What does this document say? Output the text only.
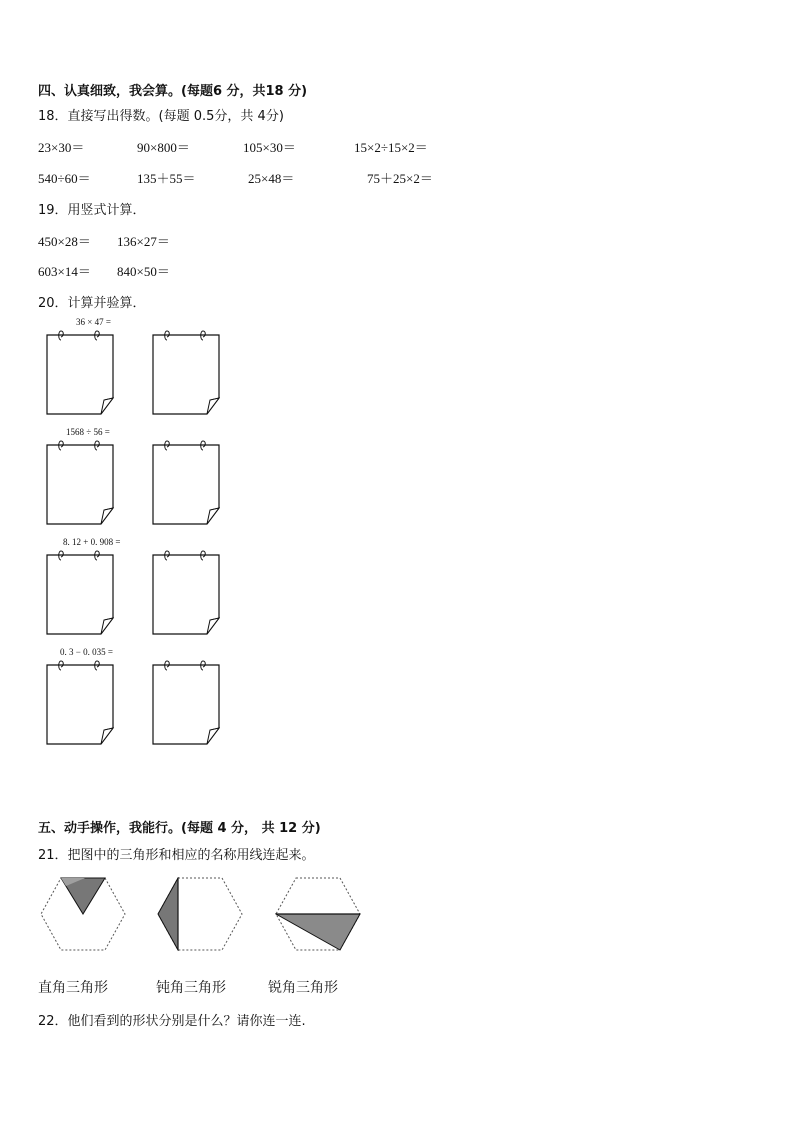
四、认真细致，我会算。(每题6 分，共18 分)
18．直接写出得数。(每题 0.5分，共 4分)
23×30＝	90×800＝	105×30＝	15×2÷15×2＝
540÷60＝	135＋55＝	25×48＝	75＋25×2＝
19．用竖式计算．
450×28＝ 136×27＝
603×14＝ 840×50＝
20．计算并验算．
36 × 47 =
1568 ÷ 56 =
8. 12 + 0. 908 =
0. 3 − 0. 035 =
五、动手操作，我能行。(每题 4 分， 共 12 分)
21．把图中的三角形和相应的名称用线连起来。
直角三角形	钝角三角形	锐角三角形
22．他们看到的形状分别是什么？请你连一连.
